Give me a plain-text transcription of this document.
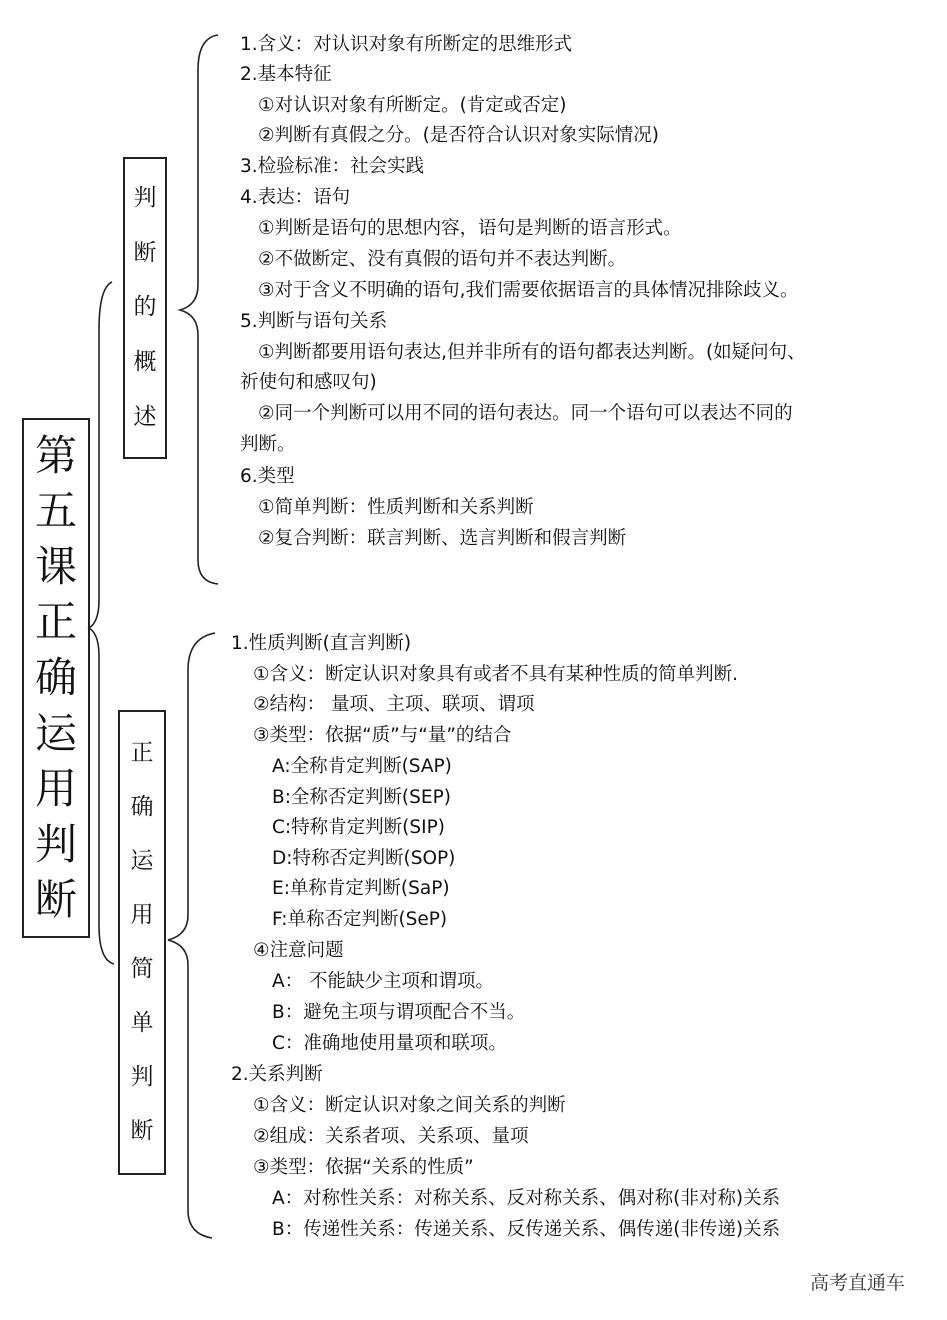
第
五
课
正
确
运
用
判
断
判
断
的
概
述
正
确
运
用
简
单
判
断
1.含义：对认识对象有所断定的思维形式
2.基本特征
①对认识对象有所断定。(肯定或否定)
②判断有真假之分。(是否符合认识对象实际情况)
3.检验标准：社会实践
4.表达：语句
①判断是语句的思想内容，语句是判断的语言形式。
②不做断定、没有真假的语句并不表达判断。
③对于含义不明确的语句,我们需要依据语言的具体情况排除歧义。
5.判断与语句关系
①判断都要用语句表达,但并非所有的语句都表达判断。(如疑问句、
祈使句和感叹句)
②同一个判断可以用不同的语句表达。同一个语句可以表达不同的
判断。
6.类型
①简单判断：性质判断和关系判断
②复合判断：联言判断、选言判断和假言判断
1.性质判断(直言判断)
①含义：断定认识对象具有或者不具有某种性质的简单判断.
②结构： 量项、主项、联项、谓项
③类型：依据“质”与“量”的结合
A:全称肯定判断(SAP)
B:全称否定判断(SEP)
C:特称肯定判断(SIP)
D:特称否定判断(SOP)
E:单称肯定判断(SaP)
F:单称否定判断(SeP)
④注意问题
A： 不能缺少主项和谓项。
B：避免主项与谓项配合不当。
C：准确地使用量项和联项。
2.关系判断
①含义：断定认识对象之间关系的判断
②组成：关系者项、关系项、量项
③类型：依据“关系的性质”
A：对称性关系：对称关系、反对称关系、偶对称(非对称)关系
B：传递性关系：传递关系、反传递关系、偶传递(非传递)关系
高考直通车
